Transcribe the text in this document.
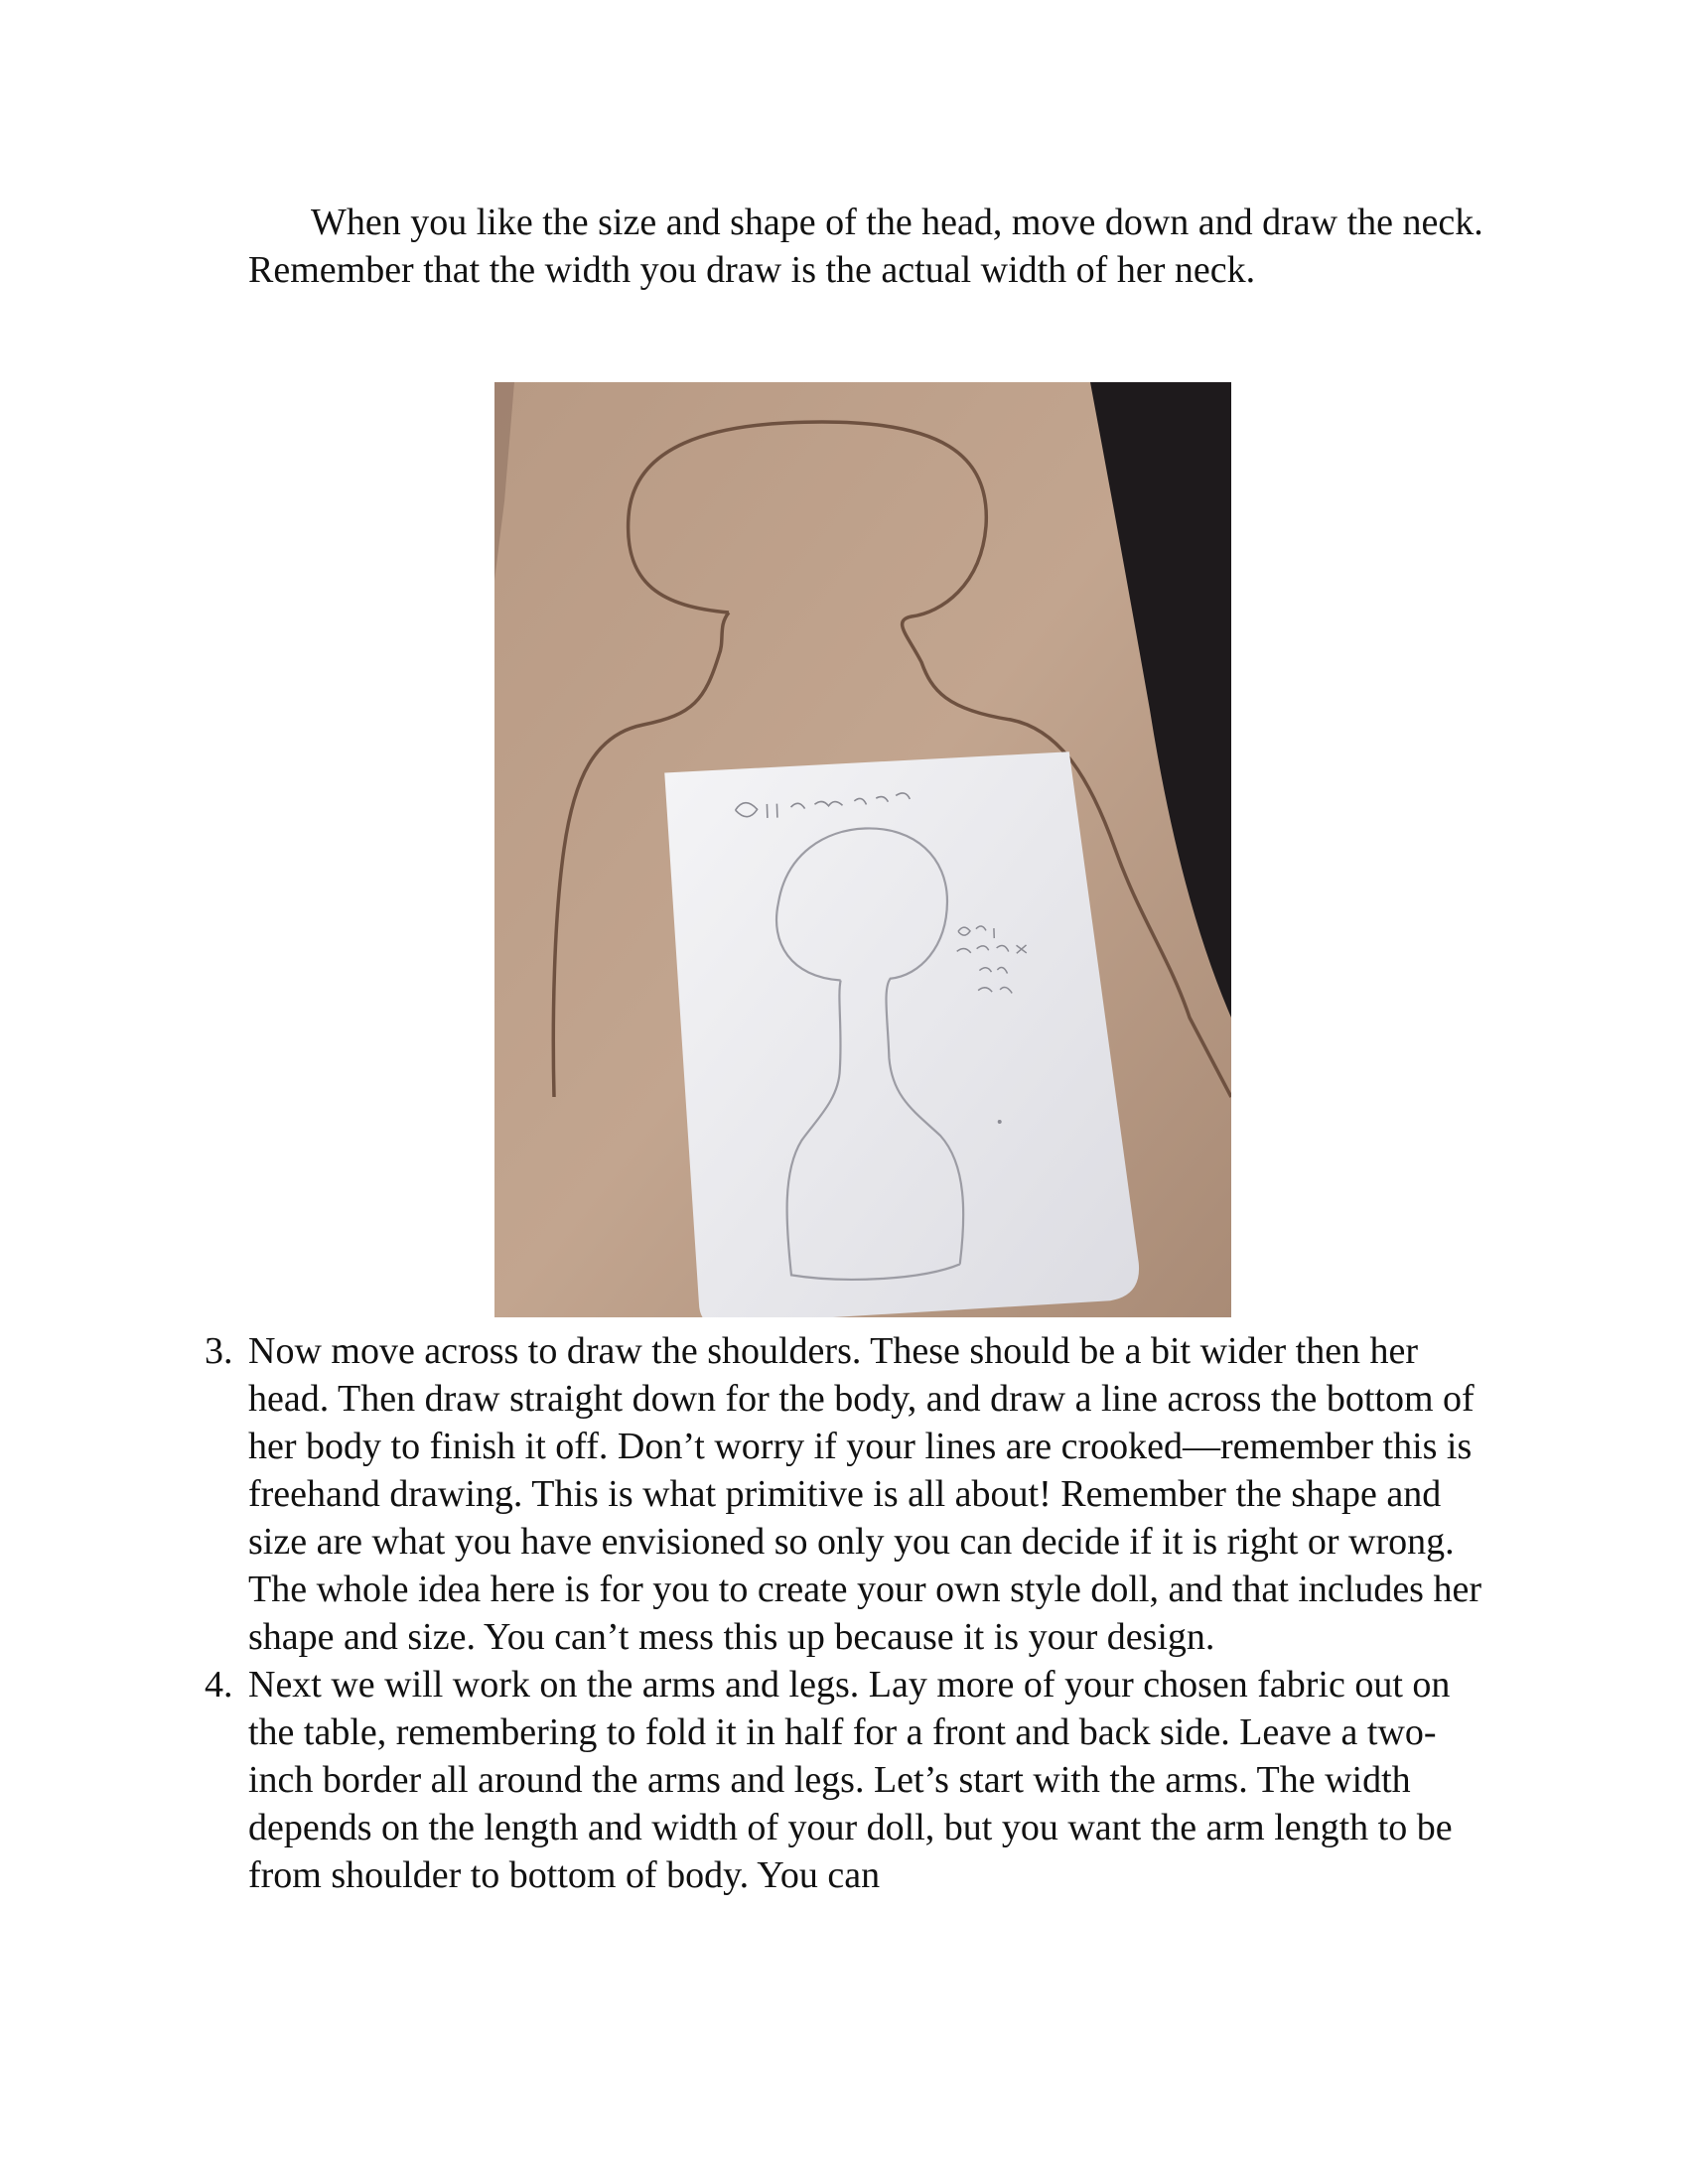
When you like the size and shape of the head, move down and draw the neck. Remember that the width you draw is the actual width of her neck.

3. Now move across to draw the shoulders. These should be a bit wider then her head. Then draw straight down for the body, and draw a line across the bottom of her body to finish it off. Don’t worry if your lines are crooked—remember this is freehand drawing. This is what primitive is all about! Remember the shape and size are what you have envisioned so only you can decide if it is right or wrong. The whole idea here is for you to create your own style doll, and that includes her shape and size. You can’t mess this up because it is your design.
4. Next we will work on the arms and legs. Lay more of your chosen fabric out on the table, remembering to fold it in half for a front and back side. Leave a two-inch border all around the arms and legs. Let’s start with the arms. The width depends on the length and width of your doll, but you want the arm length to be from shoulder to bottom of body. You can
